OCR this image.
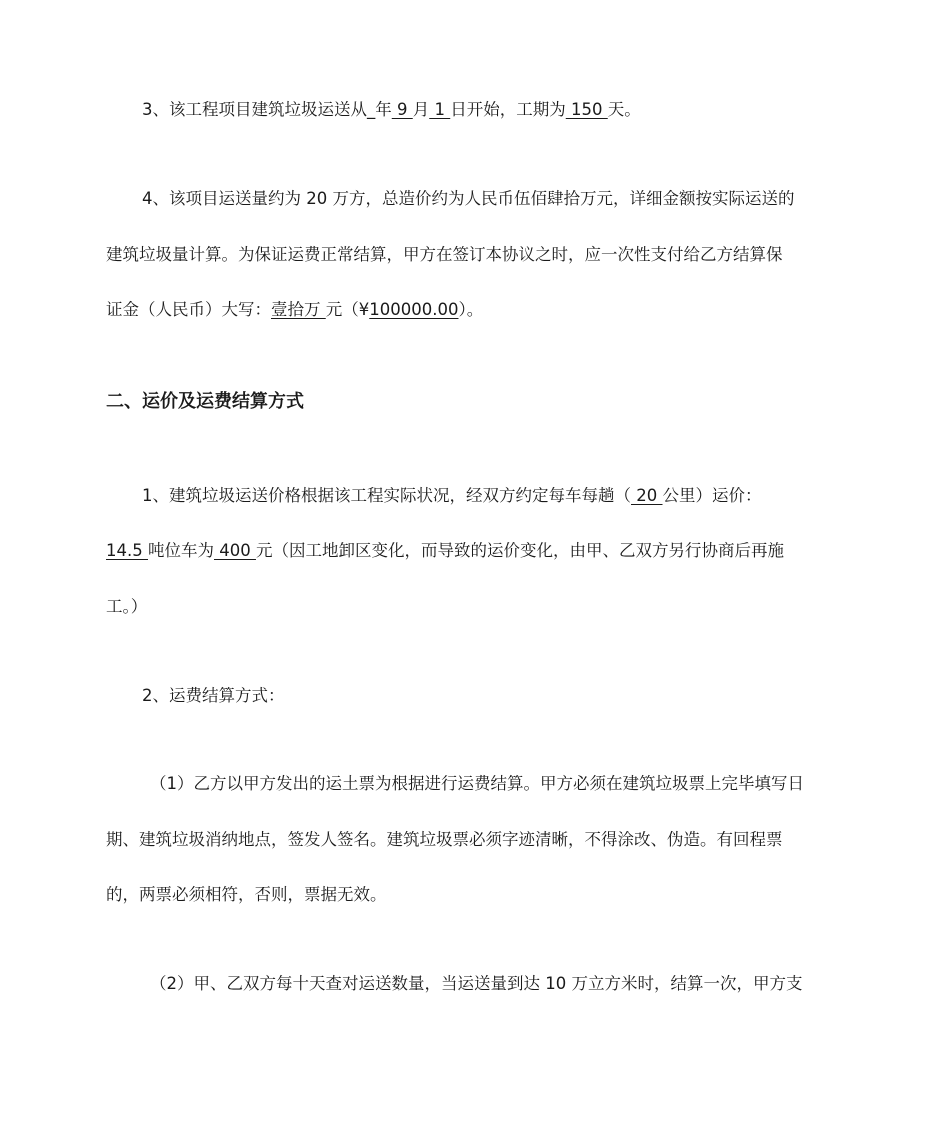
3、该工程项目建筑垃圾运送从_年 9 月 1 日开始，工期为 150 天。
4、该项目运送量约为 20 万方，总造价约为人民币伍佰肆拾万元，详细金额按实际运送的
建筑垃圾量计算。为保证运费正常结算，甲方在签订本协议之时，应一次性支付给乙方结算保
证金（人民币）大写：壹拾万 元（¥100000.00）。
二、运价及运费结算方式
1、建筑垃圾运送价格根据该工程实际状况，经双方约定每车每趟（ 20 公里）运价：
14.5 吨位车为 400 元（因工地卸区变化，而导致的运价变化，由甲、乙双方另行协商后再施
工。）
2、运费结算方式：
（1）乙方以甲方发出的运土票为根据进行运费结算。甲方必须在建筑垃圾票上完毕填写日
期、建筑垃圾消纳地点，签发人签名。建筑垃圾票必须字迹清晰，不得涂改、伪造。有回程票
的，两票必须相符，否则，票据无效。
（2）甲、乙双方每十天查对运送数量，当运送量到达 10 万立方米时，结算一次，甲方支
